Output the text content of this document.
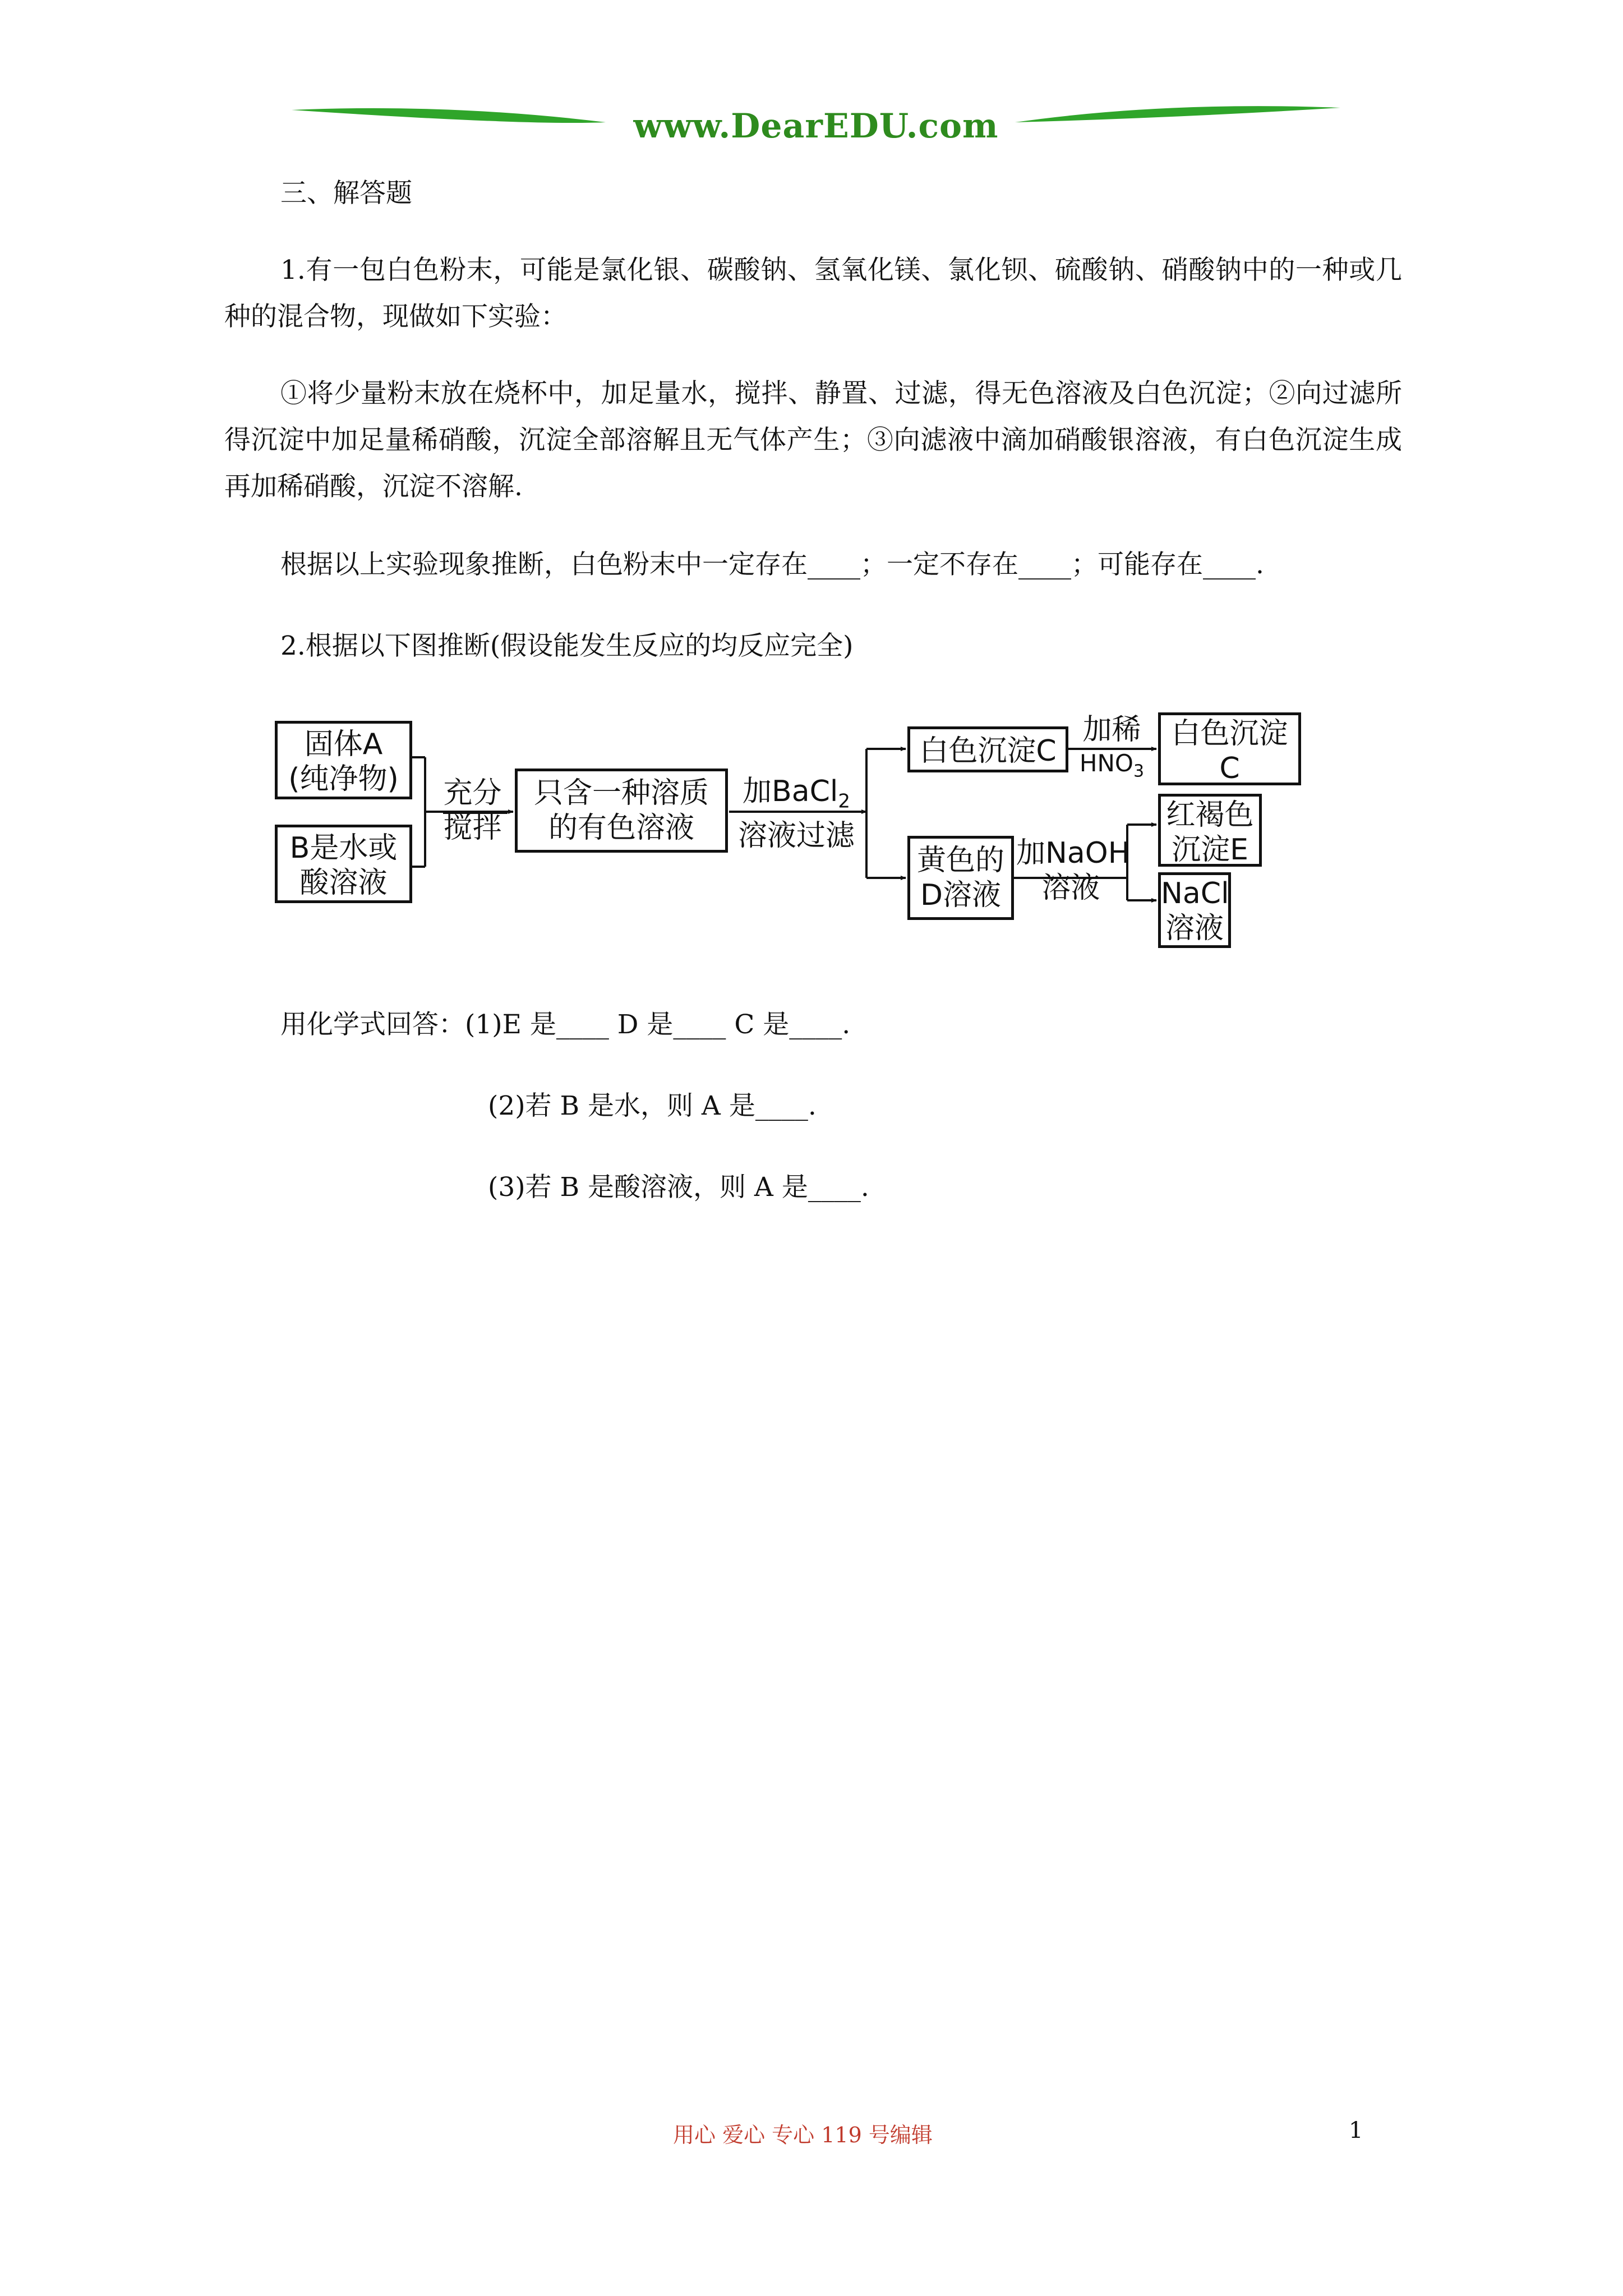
www.DearEDU.com
三、解答题
1.有一包白色粉末，可能是氯化银、碳酸钠、氢氧化镁、氯化钡、硫酸钠、硝酸钠中的一种或几种的混合物，现做如下实验：
①将少量粉末放在烧杯中，加足量水，搅拌、静置、过滤，得无色溶液及白色沉淀；②向过滤所得沉淀中加足量稀硝酸，沉淀全部溶解且无气体产生；③向滤液中滴加硝酸银溶液，有白色沉淀生成再加稀硝酸，沉淀不溶解.
根据以上实验现象推断，白色粉末中一定存在____；一定不存在____；可能存在____.
2.根据以下图推断(假设能发生反应的均反应完全)
固体A
(纯净物)
B是水或
酸溶液
充分
搅拌
只含一种溶质
的有色溶液
加BaCl$_2$
溶液过滤
白色沉淀C
加稀
$HNO_3$
白色沉淀
C
黄色的
D溶液
加NaOH
溶液
红褐色
沉淀E
NaCl
溶液
用化学式回答：(1)E 是____ D 是____ C 是____.
(2)若 B 是水，则 A 是____.
(3)若 B 是酸溶液，则 A 是____.
用心 爱心 专心 119 号编辑	1
